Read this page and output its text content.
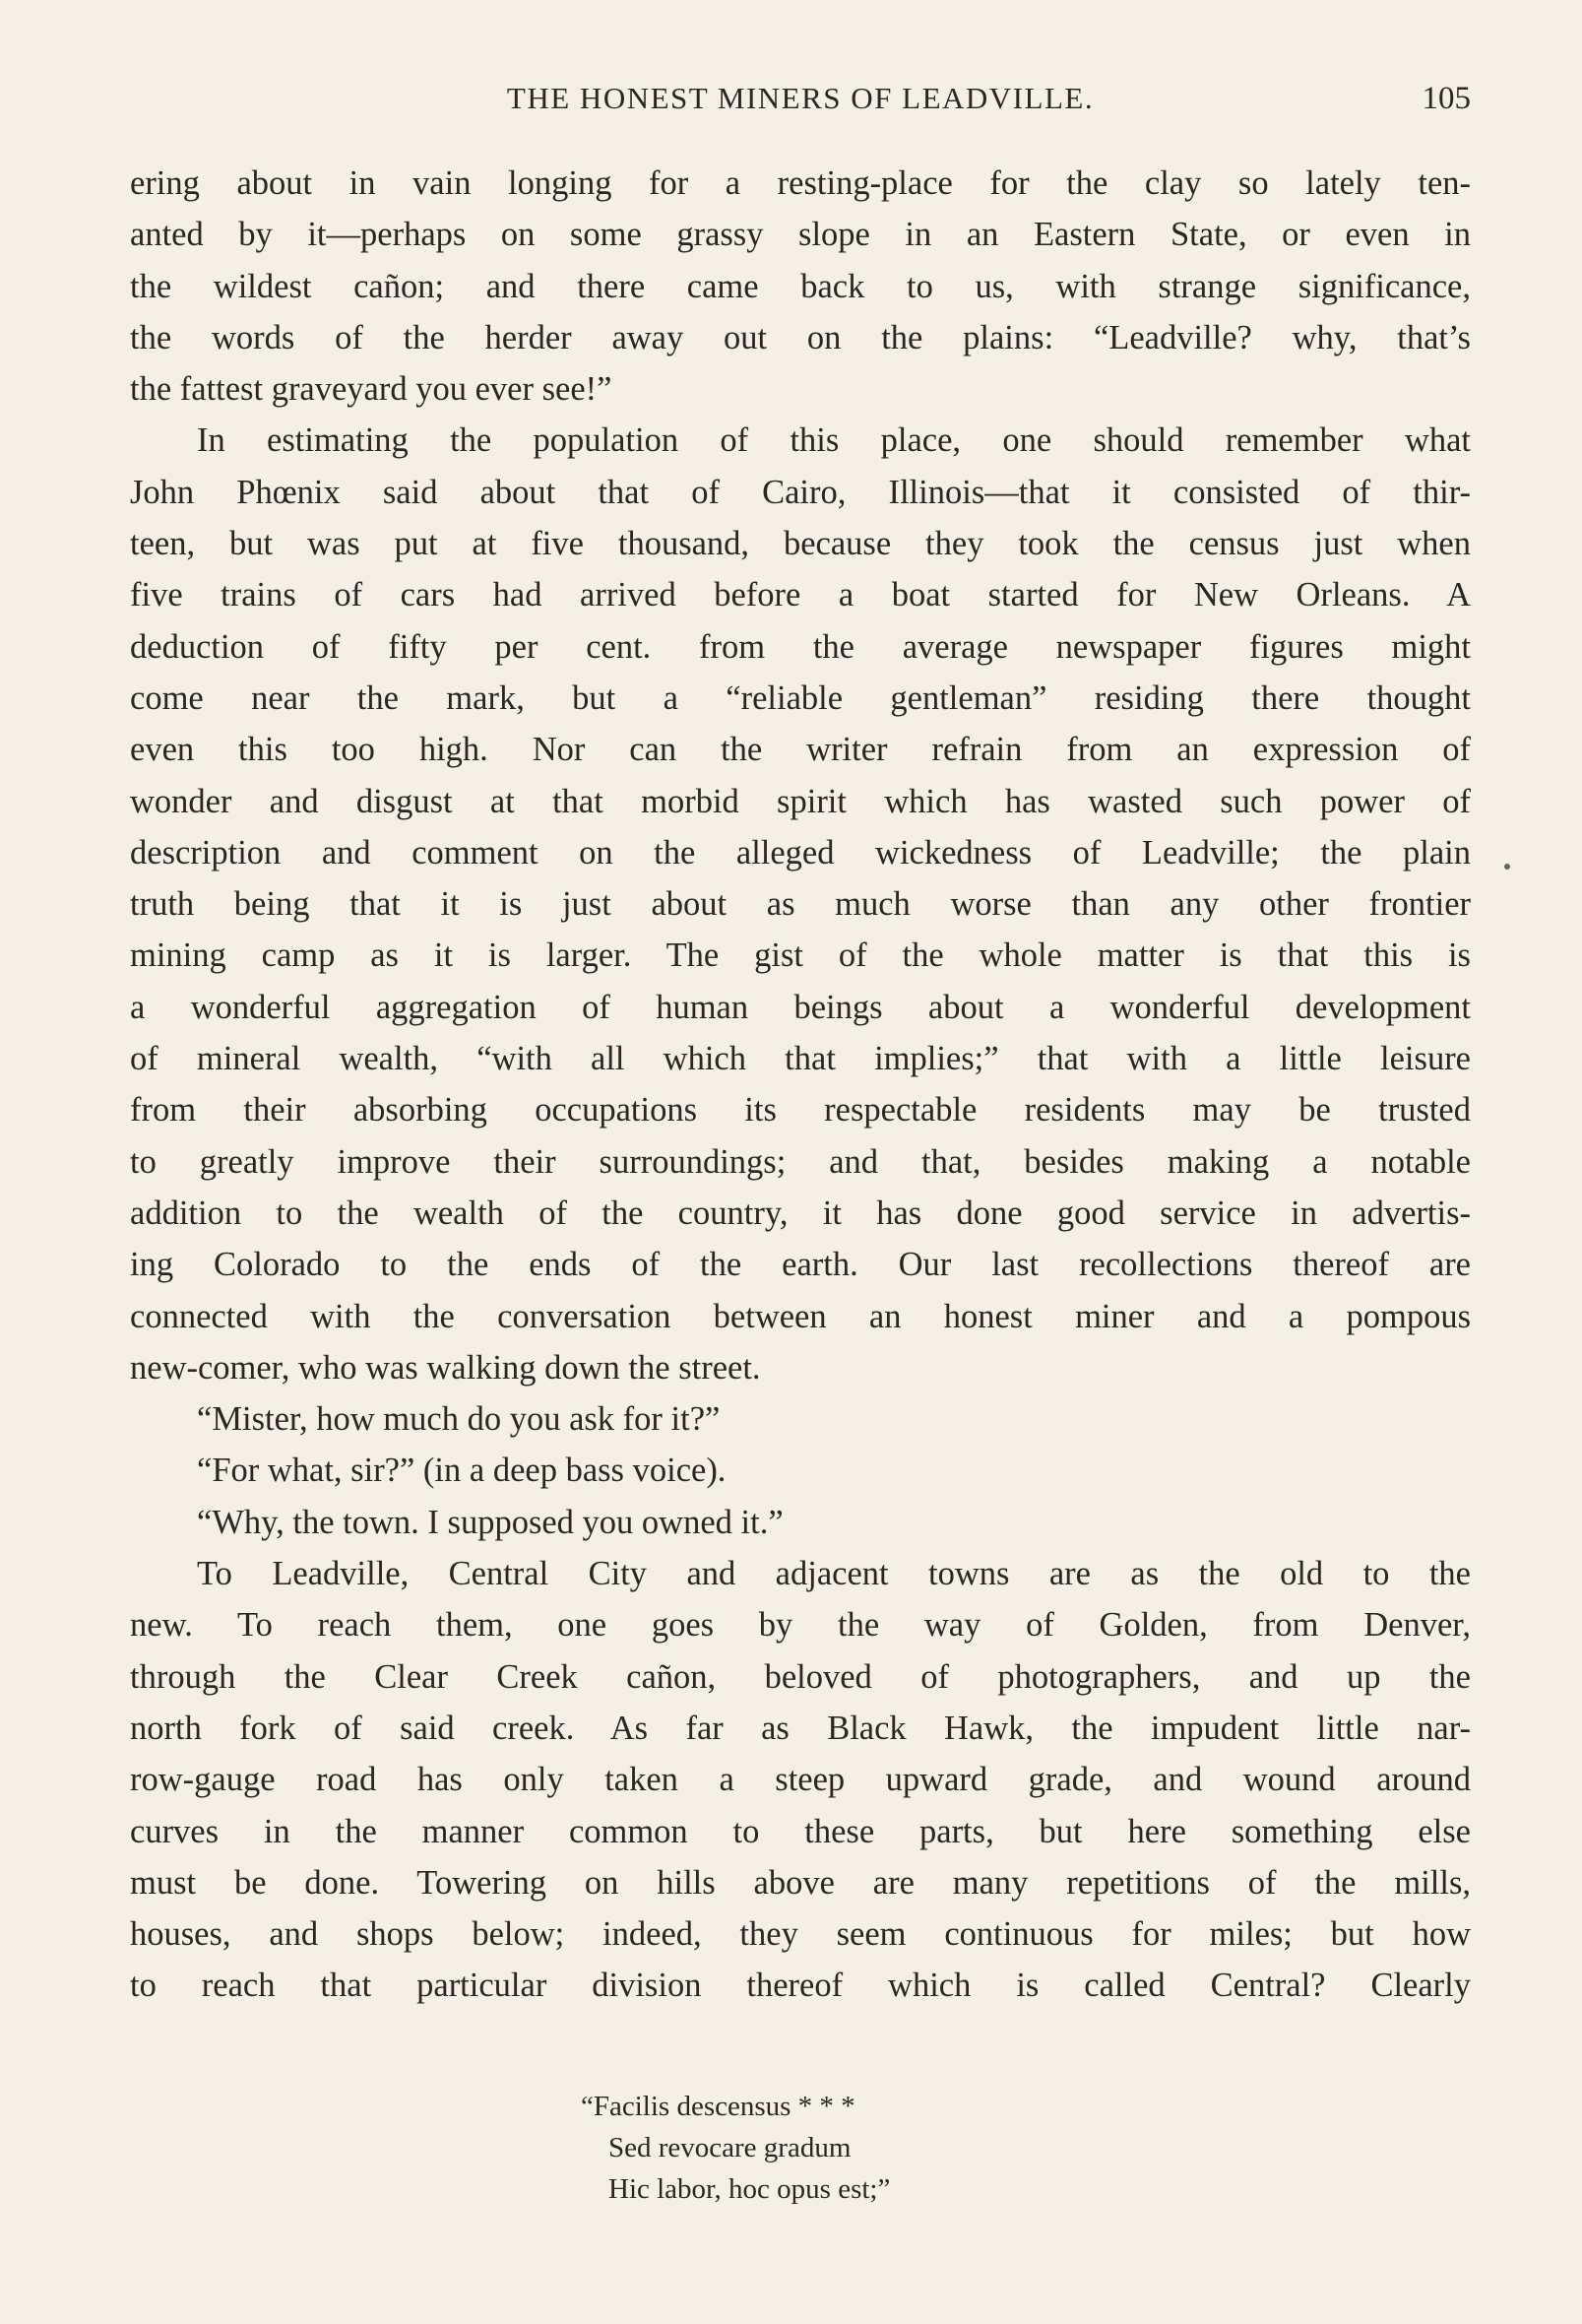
THE HONEST MINERS OF LEADVILLE.	105
ering about in vain longing for a resting-place for the clay so lately ten-
anted by it—perhaps on some grassy slope in an Eastern State, or even in
the wildest cañon; and there came back to us, with strange significance,
the words of the herder away out on the plains: “Leadville? why, that’s
the fattest graveyard you ever see!”
In estimating the population of this place, one should remember what
John Phœnix said about that of Cairo, Illinois—that it consisted of thir-
teen, but was put at five thousand, because they took the census just when
five trains of cars had arrived before a boat started for New Orleans. A
deduction of fifty per cent. from the average newspaper figures might
come near the mark, but a “reliable gentleman” residing there thought
even this too high. Nor can the writer refrain from an expression of
wonder and disgust at that morbid spirit which has wasted such power of
description and comment on the alleged wickedness of Leadville; the plain
truth being that it is just about as much worse than any other frontier
mining camp as it is larger. The gist of the whole matter is that this is
a wonderful aggregation of human beings about a wonderful development
of mineral wealth, “with all which that implies;” that with a little leisure
from their absorbing occupations its respectable residents may be trusted
to greatly improve their surroundings; and that, besides making a notable
addition to the wealth of the country, it has done good service in advertis-
ing Colorado to the ends of the earth. Our last recollections thereof are
connected with the conversation between an honest miner and a pompous
new-comer, who was walking down the street.
“Mister, how much do you ask for it?”
“For what, sir?” (in a deep bass voice).
“Why, the town. I supposed you owned it.”
To Leadville, Central City and adjacent towns are as the old to the
new. To reach them, one goes by the way of Golden, from Denver,
through the Clear Creek cañon, beloved of photographers, and up the
north fork of said creek. As far as Black Hawk, the impudent little nar-
row-gauge road has only taken a steep upward grade, and wound around
curves in the manner common to these parts, but here something else
must be done. Towering on hills above are many repetitions of the mills,
houses, and shops below; indeed, they seem continuous for miles; but how
to reach that particular division thereof which is called Central? Clearly
“Facilis descensus * * *
Sed revocare gradum
Hic labor, hoc opus est;”
